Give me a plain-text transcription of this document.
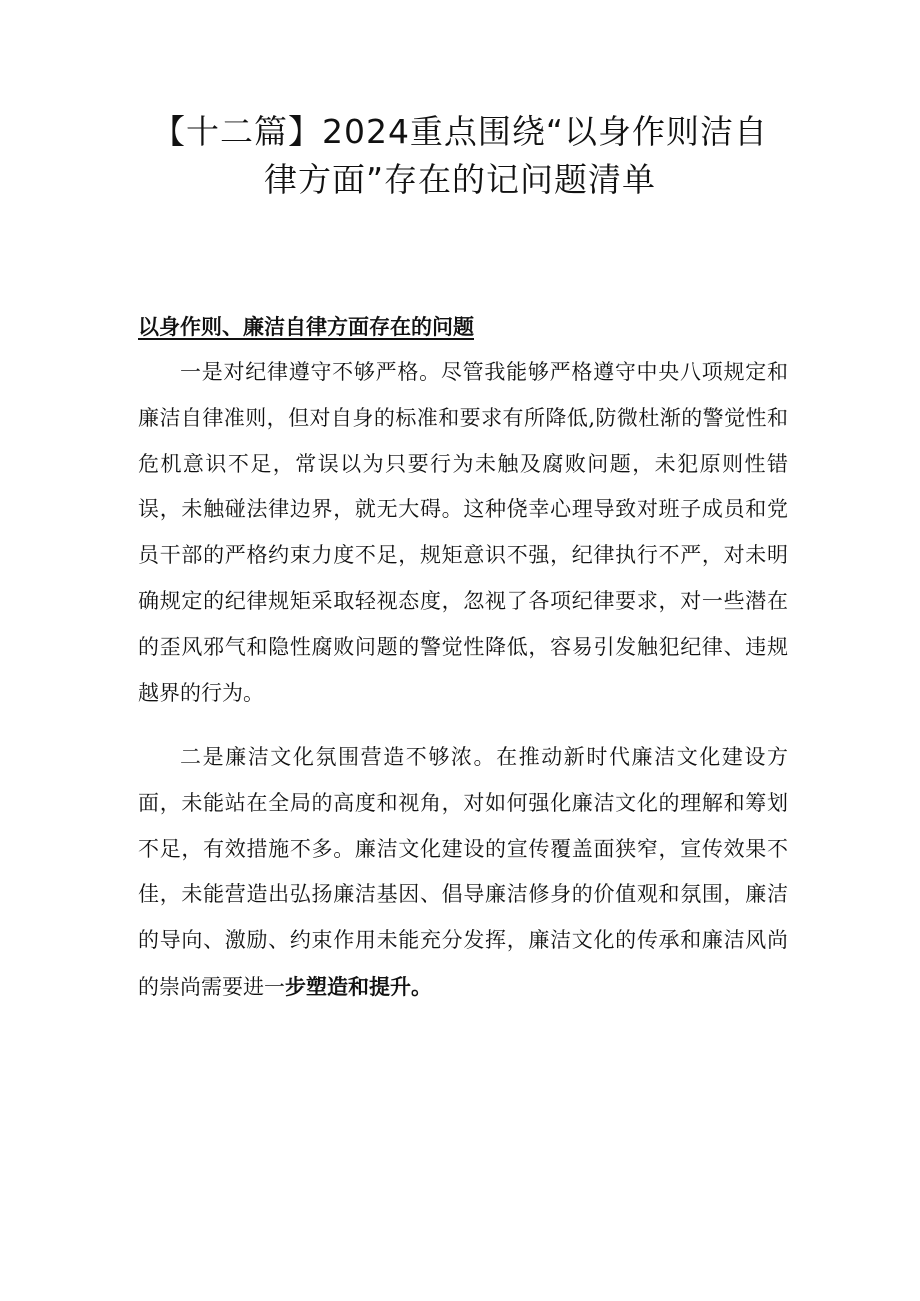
【十二篇】2024重点围绕“以身作则洁自
律方面”存在的记问题清单
以身作则、廉洁自律方面存在的问题

一是对纪律遵守不够严格。尽管我能够严格遵守中央八项规定和廉洁自律准则，但对自身的标准和要求有所降低,防微杜渐的警觉性和危机意识不足，常误以为只要行为未触及腐败问题，未犯原则性错误，未触碰法律边界，就无大碍。这种侥幸心理导致对班子成员和党员干部的严格约束力度不足，规矩意识不强，纪律执行不严，对未明确规定的纪律规矩采取轻视态度，忽视了各项纪律要求，对一些潜在的歪风邪气和隐性腐败问题的警觉性降低，容易引发触犯纪律、违规越界的行为。

二是廉洁文化氛围营造不够浓。在推动新时代廉洁文化建设方面，未能站在全局的高度和视角，对如何强化廉洁文化的理解和筹划不足，有效措施不多。廉洁文化建设的宣传覆盖面狭窄，宣传效果不佳，未能营造出弘扬廉洁基因、倡导廉洁修身的价值观和氛围，廉洁的导向、激励、约束作用未能充分发挥，廉洁文化的传承和廉洁风尚的崇尚需要进一步塑造和提升。
